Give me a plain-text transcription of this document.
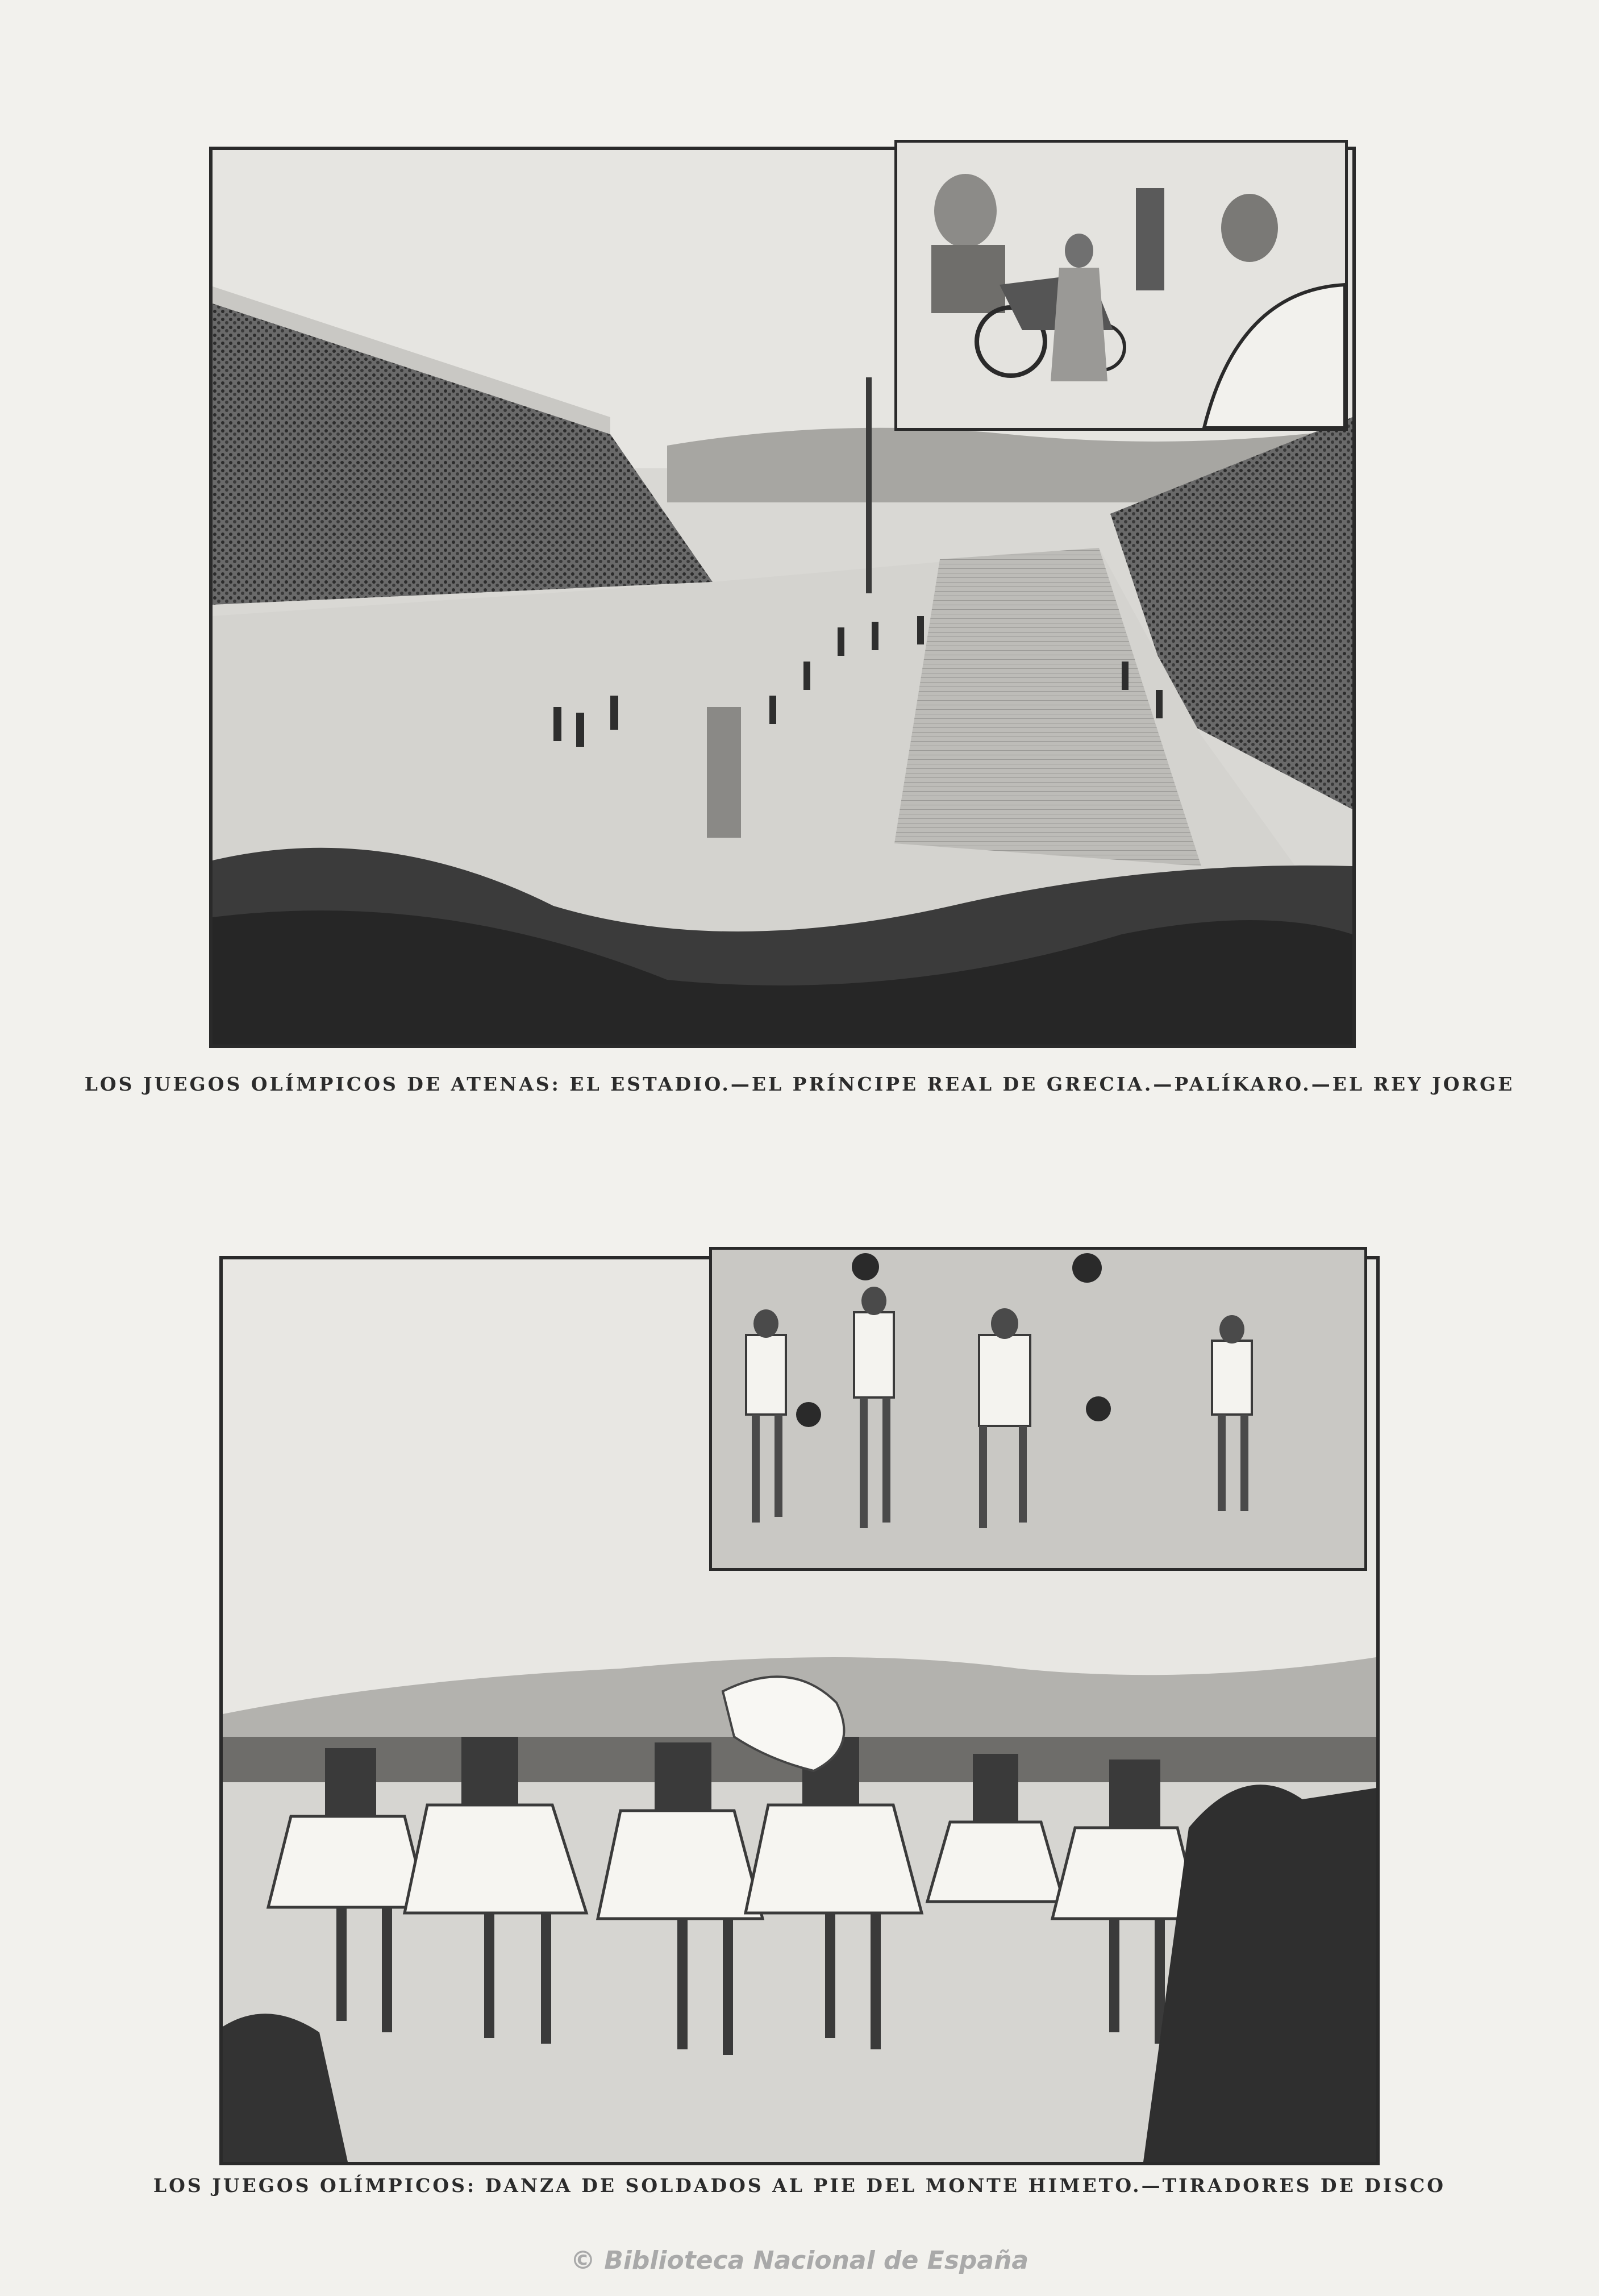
LOS JUEGOS OLÍMPICOS DE ATENAS: EL ESTADIO.—EL PRÍNCIPE REAL DE GRECIA.—PALÍKARO.—EL REY JORGE
LOS JUEGOS OLÍMPICOS: DANZA DE SOLDADOS AL PIE DEL MONTE HIMETO.—TIRADORES DE DISCO
© Biblioteca Nacional de España
